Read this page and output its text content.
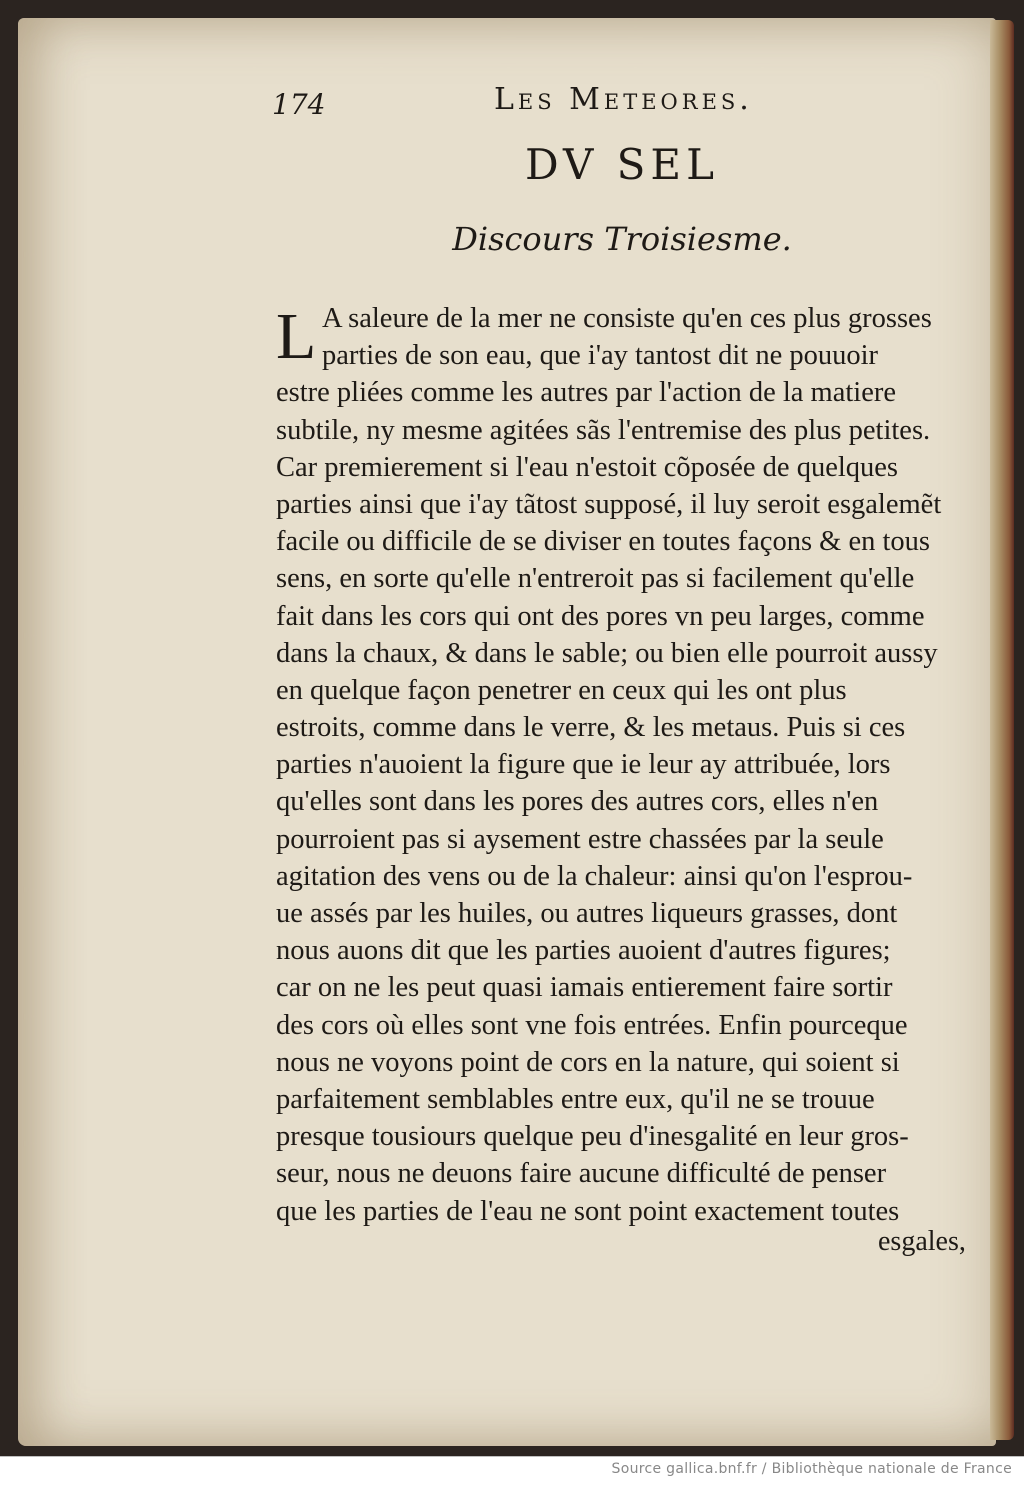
174	Les Meteores.
DV SEL
Discours Troisiesme.
L A saleure de la mer ne consiste qu'en ces plus grosses
parties de son eau, que i'ay tantost dit ne pouuoir
estre pliées comme les autres par l'action de la matiere
subtile, ny mesme agitées sãs l'entremise des plus petites.
Car premierement si l'eau n'estoit cõposée de quelques
parties ainsi que i'ay tãtost supposé, il luy seroit esgalemẽt
facile ou difficile de se diviser en toutes façons & en tous
sens, en sorte qu'elle n'entreroit pas si facilement qu'elle
fait dans les cors qui ont des pores vn peu larges, comme
dans la chaux, & dans le sable; ou bien elle pourroit aussy
en quelque façon penetrer en ceux qui les ont plus
estroits, comme dans le verre, & les metaus. Puis si ces
parties n'auoient la figure que ie leur ay attribuée, lors
qu'elles sont dans les pores des autres cors, elles n'en
pourroient pas si aysement estre chassées par la seule
agitation des vens ou de la chaleur: ainsi qu'on l'esprou-
ue assés par les huiles, ou autres liqueurs grasses, dont
nous auons dit que les parties auoient d'autres figures;
car on ne les peut quasi iamais entierement faire sortir
des cors où elles sont vne fois entrées. Enfin pourceque
nous ne voyons point de cors en la nature, qui soient si
parfaitement semblables entre eux, qu'il ne se trouue
presque tousiours quelque peu d'inesgalité en leur gros-
seur, nous ne deuons faire aucune difficulté de penser
que les parties de l'eau ne sont point exactement toutes
esgales,
Source gallica.bnf.fr / Bibliothèque nationale de France
